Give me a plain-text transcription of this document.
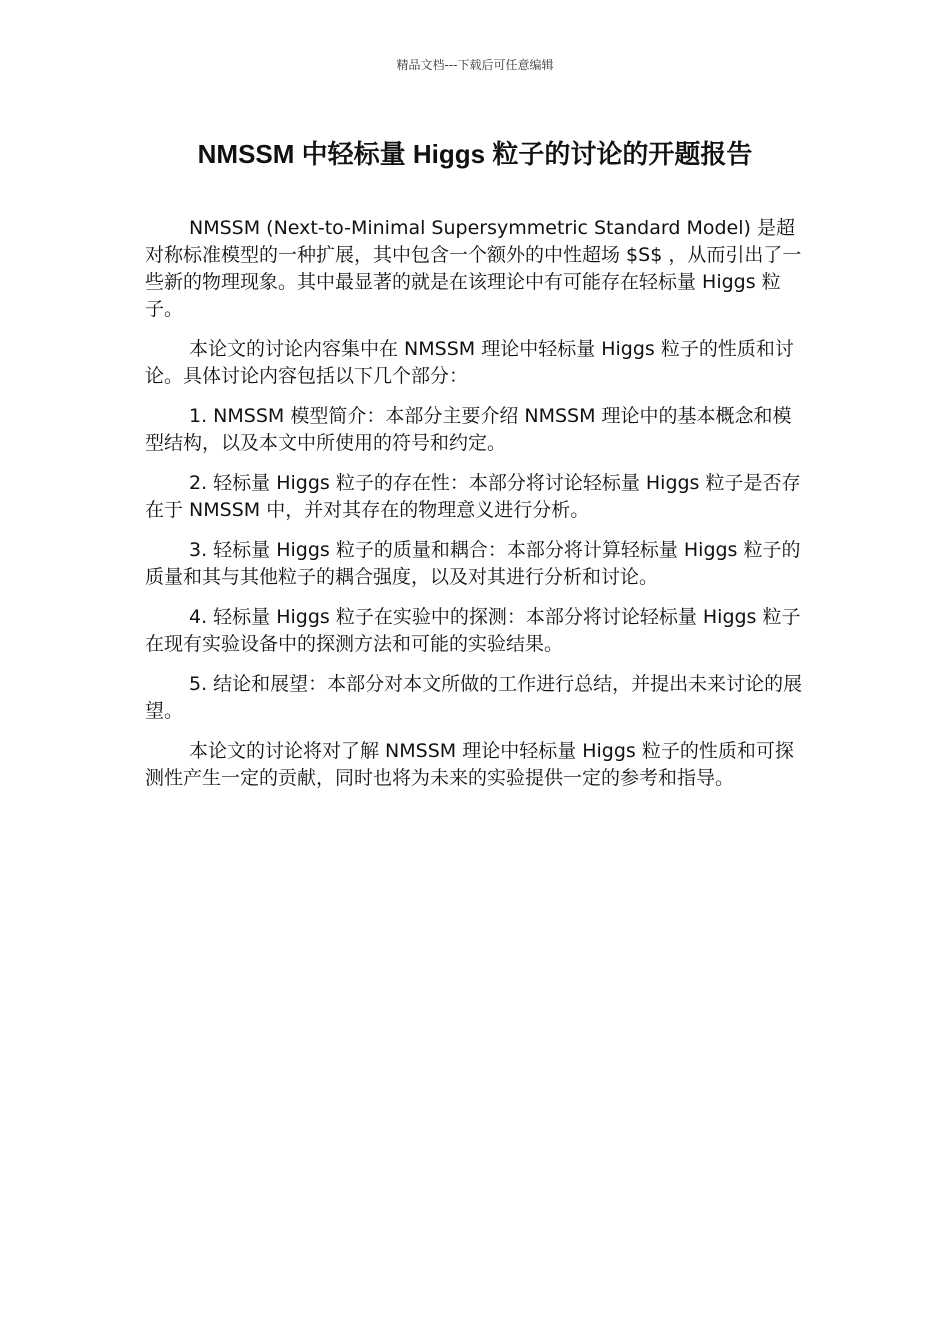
精品文档---下载后可任意编辑
NMSSM 中轻标量 Higgs 粒子的讨论的开题报告

NMSSM (Next-to-Minimal Supersymmetric Standard Model) 是超对称标准模型的一种扩展，其中包含一个额外的中性超场 $S$ ，从而引出了一些新的物理现象。其中最显著的就是在该理论中有可能存在轻标量 Higgs 粒子。

本论文的讨论内容集中在 NMSSM 理论中轻标量 Higgs 粒子的性质和讨论。具体讨论内容包括以下几个部分：

1. NMSSM 模型简介：本部分主要介绍 NMSSM 理论中的基本概念和模型结构，以及本文中所使用的符号和约定。

2. 轻标量 Higgs 粒子的存在性：本部分将讨论轻标量 Higgs 粒子是否存在于 NMSSM 中，并对其存在的物理意义进行分析。

3. 轻标量 Higgs 粒子的质量和耦合：本部分将计算轻标量 Higgs 粒子的质量和其与其他粒子的耦合强度，以及对其进行分析和讨论。

4. 轻标量 Higgs 粒子在实验中的探测：本部分将讨论轻标量 Higgs 粒子在现有实验设备中的探测方法和可能的实验结果。

5. 结论和展望：本部分对本文所做的工作进行总结，并提出未来讨论的展望。

本论文的讨论将对了解 NMSSM 理论中轻标量 Higgs 粒子的性质和可探测性产生一定的贡献，同时也将为未来的实验提供一定的参考和指导。
